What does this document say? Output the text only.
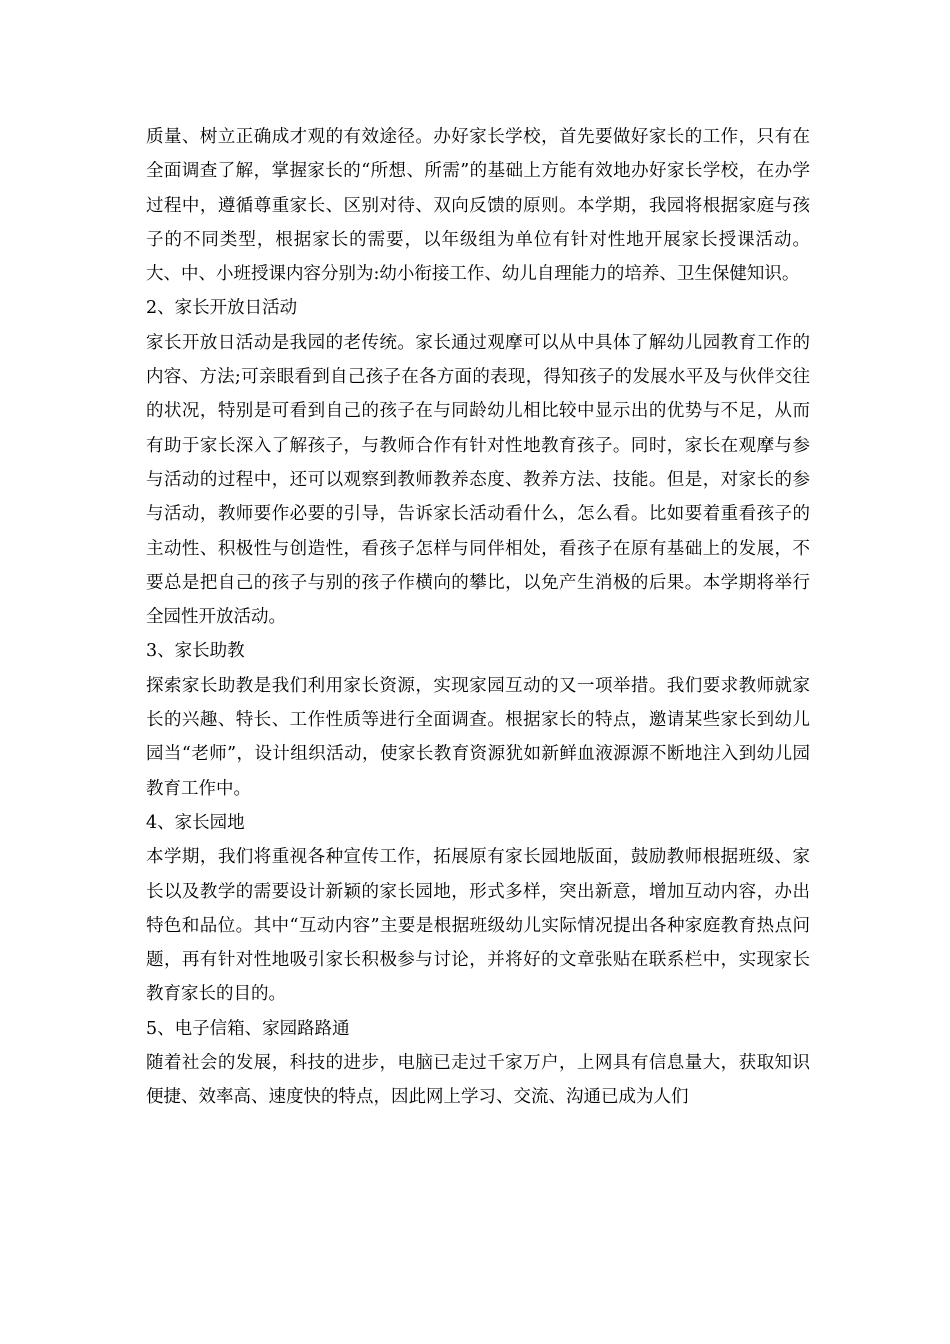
质量、树立正确成才观的有效途径。办好家长学校，首先要做好家长的工作，只有在全面调查了解，掌握家长的“所想、所需”的基础上方能有效地办好家长学校，在办学过程中，遵循尊重家长、区别对待、双向反馈的原则。本学期，我园将根据家庭与孩子的不同类型，根据家长的需要，以年级组为单位有针对性地开展家长授课活动。大、中、小班授课内容分别为:幼小衔接工作、幼儿自理能力的培养、卫生保健知识。

2、家长开放日活动

家长开放日活动是我园的老传统。家长通过观摩可以从中具体了解幼儿园教育工作的内容、方法;可亲眼看到自己孩子在各方面的表现，得知孩子的发展水平及与伙伴交往的状况，特别是可看到自己的孩子在与同龄幼儿相比较中显示出的优势与不足，从而有助于家长深入了解孩子，与教师合作有针对性地教育孩子。同时，家长在观摩与参与活动的过程中，还可以观察到教师教养态度、教养方法、技能。但是，对家长的参与活动，教师要作必要的引导，告诉家长活动看什么，怎么看。比如要着重看孩子的主动性、积极性与创造性，看孩子怎样与同伴相处，看孩子在原有基础上的发展，不要总是把自己的孩子与别的孩子作横向的攀比，以免产生消极的后果。本学期将举行全园性开放活动。

3、家长助教

探索家长助教是我们利用家长资源，实现家园互动的又一项举措。我们要求教师就家长的兴趣、特长、工作性质等进行全面调查。根据家长的特点，邀请某些家长到幼儿园当“老师”，设计组织活动，使家长教育资源犹如新鲜血液源源不断地注入到幼儿园教育工作中。

4、家长园地

本学期，我们将重视各种宣传工作，拓展原有家长园地版面，鼓励教师根据班级、家长以及教学的需要设计新颖的家长园地，形式多样，突出新意，增加互动内容，办出特色和品位。其中“互动内容”主要是根据班级幼儿实际情况提出各种家庭教育热点问题，再有针对性地吸引家长积极参与讨论，并将好的文章张贴在联系栏中，实现家长教育家长的目的。

5、电子信箱、家园路路通

随着社会的发展，科技的进步，电脑已走过千家万户，上网具有信息量大，获取知识便捷、效率高、速度快的特点，因此网上学习、交流、沟通已成为人们
